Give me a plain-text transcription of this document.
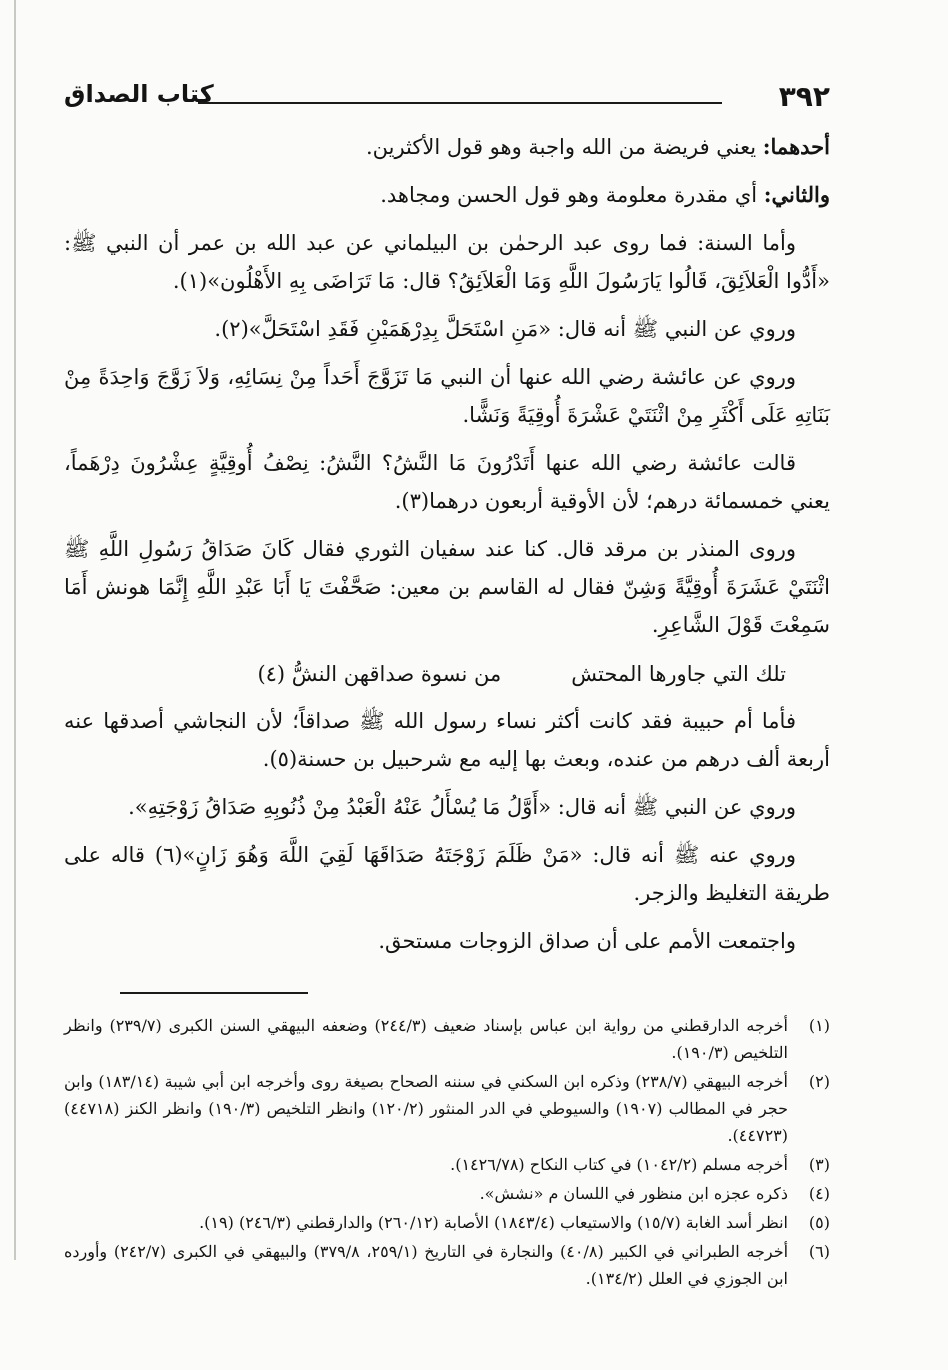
٣٩٢
كتاب الصداق

أحدهما: يعني فريضة من الله واجبة وهو قول الأكثرين.

والثاني: أي مقدرة معلومة وهو قول الحسن ومجاهد.

وأما السنة: فما روى عبد الرحمٰن بن البيلماني عن عبد الله بن عمر أن النبي ﷺ: «أَدُّوا الْعَلاَئِقَ، قَالُوا يَارَسُولَ اللَّهِ وَمَا الْعَلاَئِقُ؟ قال: مَا تَرَاضَى بِهِ الأَهْلُون»(١).

وروي عن النبي ﷺ أنه قال: «مَنِ اسْتَحَلَّ بِدِرْهَمَيْنِ فَقَدِ اسْتَحَلَّ»(٢).

وروي عن عائشة رضي الله عنها أن النبي مَا تَزَوَّجَ أَحَداً مِنْ نِسَائِهِ، وَلاَ زَوَّجَ وَاحِدَةً مِنْ بَنَاتِهِ عَلَى أَكْثَرِ مِنْ اثْنَتَيْ عَشْرَةَ أُوقِيَةً وَنَشًّا.

قالت عائشة رضي الله عنها أَتَدْرُونَ مَا النَّشُ؟ النَّشُ: نِصْفُ أُوقِيَّةٍ عِشْرُونَ دِرْهَماً، يعني خمسمائة درهم؛ لأن الأوقية أربعون درهما(٣).

وروى المنذر بن مرقد قال. كنا عند سفيان الثوري فقال كَانَ صَدَاقُ رَسُولِ اللَّهِ ﷺ اثْنَتَيْ عَشَرَةَ أُوقِيَّةً وَشِنّ فقال له القاسم بن معين: صَحَّفْتَ يَا أَبَا عَبْدِ اللَّهِ إِنَّمَا هونش أَمَا سَمِعْتَ قَوْلَ الشَّاعِرِ.

تلك التي جاورها المحتش
من نسوة صداقهن النشُّ (٤)

فأما أم حبيبة فقد كانت أكثر نساء رسول الله ﷺ صداقاً؛ لأن النجاشي أصدقها عنه أربعة ألف درهم من عنده، وبعث بها إليه مع شرحبيل بن حسنة(٥).

وروي عن النبي ﷺ أنه قال: «أَوَّلُ مَا يُسْأَلُ عَنْهُ الْعَبْدُ مِنْ ذُنُوبِهِ صَدَاقُ زَوْجَتِهِ».

وروي عنه ﷺ أنه قال: «مَنْ ظَلَمَ زَوْجَتَهُ صَدَاقَهَا لَقِيَ اللَّهَ وَهُوَ زَانٍ»(٦) قاله على طريقة التغليظ والزجر.

واجتمعت الأمم على أن صداق الزوجات مستحق.

(١)
أخرجه الدارقطني من رواية ابن عباس بإسناد ضعيف (٢٤٤/٣) وضعفه البيهقي السنن الكبرى (٢٣٩/٧) وانظر التلخيص (١٩٠/٣).
(٢)
أخرجه البيهقي (٢٣٨/٧) وذكره ابن السكني في سننه الصحاح بصيغة روى وأخرجه ابن أبي شيبة (١٨٣/١٤) وابن حجر في المطالب (١٩٠٧) والسيوطي في الدر المنثور (١٢٠/٢) وانظر التلخيص (١٩٠/٣) وانظر الكنز (٤٤٧١٨) (٤٤٧٢٣).
(٣)
أخرجه مسلم (١٠٤٢/٢) في كتاب النكاح (١٤٢٦/٧٨).
(٤)
ذكره عجزه ابن منظور في اللسان م «نشش».
(٥)
انظر أسد الغابة (١٥/٧) والاستيعاب (١٨٤٣/٤) الأصابة (٢٦٠/١٢) والدارقطني (٢٤٦/٣) (١٩).
(٦)
أخرجه الطبراني في الكبير (٤٠/٨) والنجارة في التاريخ (٢٥٩/١، ٣٧٩/٨) والبيهقي في الكبرى (٢٤٢/٧) وأورده ابن الجوزي في العلل (١٣٤/٢).
